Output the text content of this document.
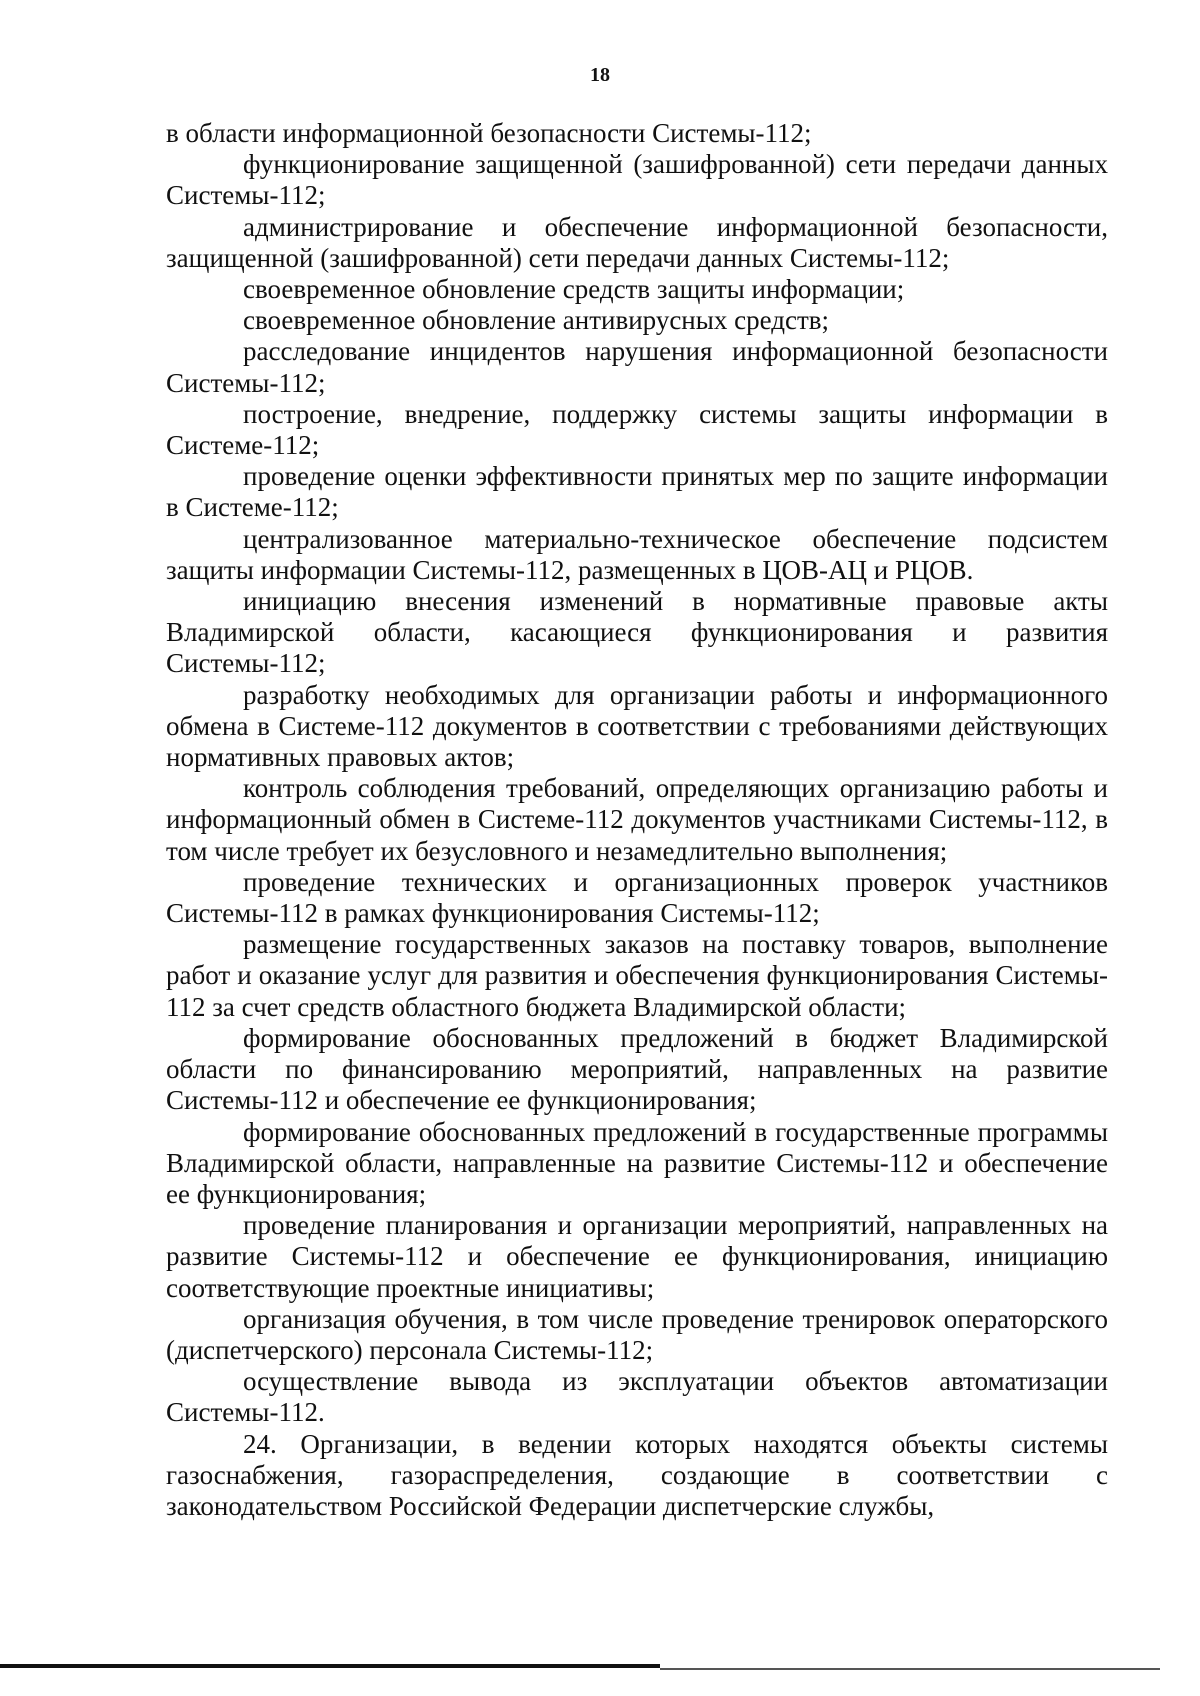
18

в области информационной безопасности Системы-112;

функционирование защищенной (зашифрованной) сети передачи данных Системы-112;

администрирование и обеспечение информационной безопасности, защищенной (зашифрованной) сети передачи данных Системы-112;

своевременное обновление средств защиты информации;

своевременное обновление антивирусных средств;

расследование инцидентов нарушения информационной безопасности Системы-112;

построение, внедрение, поддержку системы защиты информации в Системе-112;

проведение оценки эффективности принятых мер по защите информации в Системе-112;

централизованное материально-техническое обеспечение подсистем защиты информации Системы-112, размещенных в ЦОВ-АЦ и РЦОВ.

инициацию внесения изменений в нормативные правовые акты Владимирской области, касающиеся функционирования и развития Системы-112;

разработку необходимых для организации работы и информационного обмена в Системе-112 документов в соответствии с требованиями действующих нормативных правовых актов;

контроль соблюдения требований, определяющих организацию работы и информационный обмен в Системе-112 документов участниками Системы-112, в том числе требует их безусловного и незамедлительно выполнения;

проведение технических и организационных проверок участников Системы-112 в рамках функционирования Системы-112;

размещение государственных заказов на поставку товаров, выполнение работ и оказание услуг для развития и обеспечения функционирования Системы- 112 за счет средств областного бюджета Владимирской области;

формирование обоснованных предложений в бюджет Владимирской области по финансированию мероприятий, направленных на развитие Системы-112 и обеспечение ее функционирования;

формирование обоснованных предложений в государственные программы Владимирской области, направленные на развитие Системы-112 и обеспечение ее функционирования;

проведение планирования и организации мероприятий, направленных на развитие Системы-112 и обеспечение ее функционирования, инициацию соответствующие проектные инициативы;

организация обучения, в том числе проведение тренировок операторского (диспетчерского) персонала Системы-112;

осуществление вывода из эксплуатации объектов автоматизации Системы-112.

24. Организации, в ведении которых находятся объекты системы газоснабжения, газораспределения, создающие в соответствии с законодательством Российской Федерации диспетчерские службы,
